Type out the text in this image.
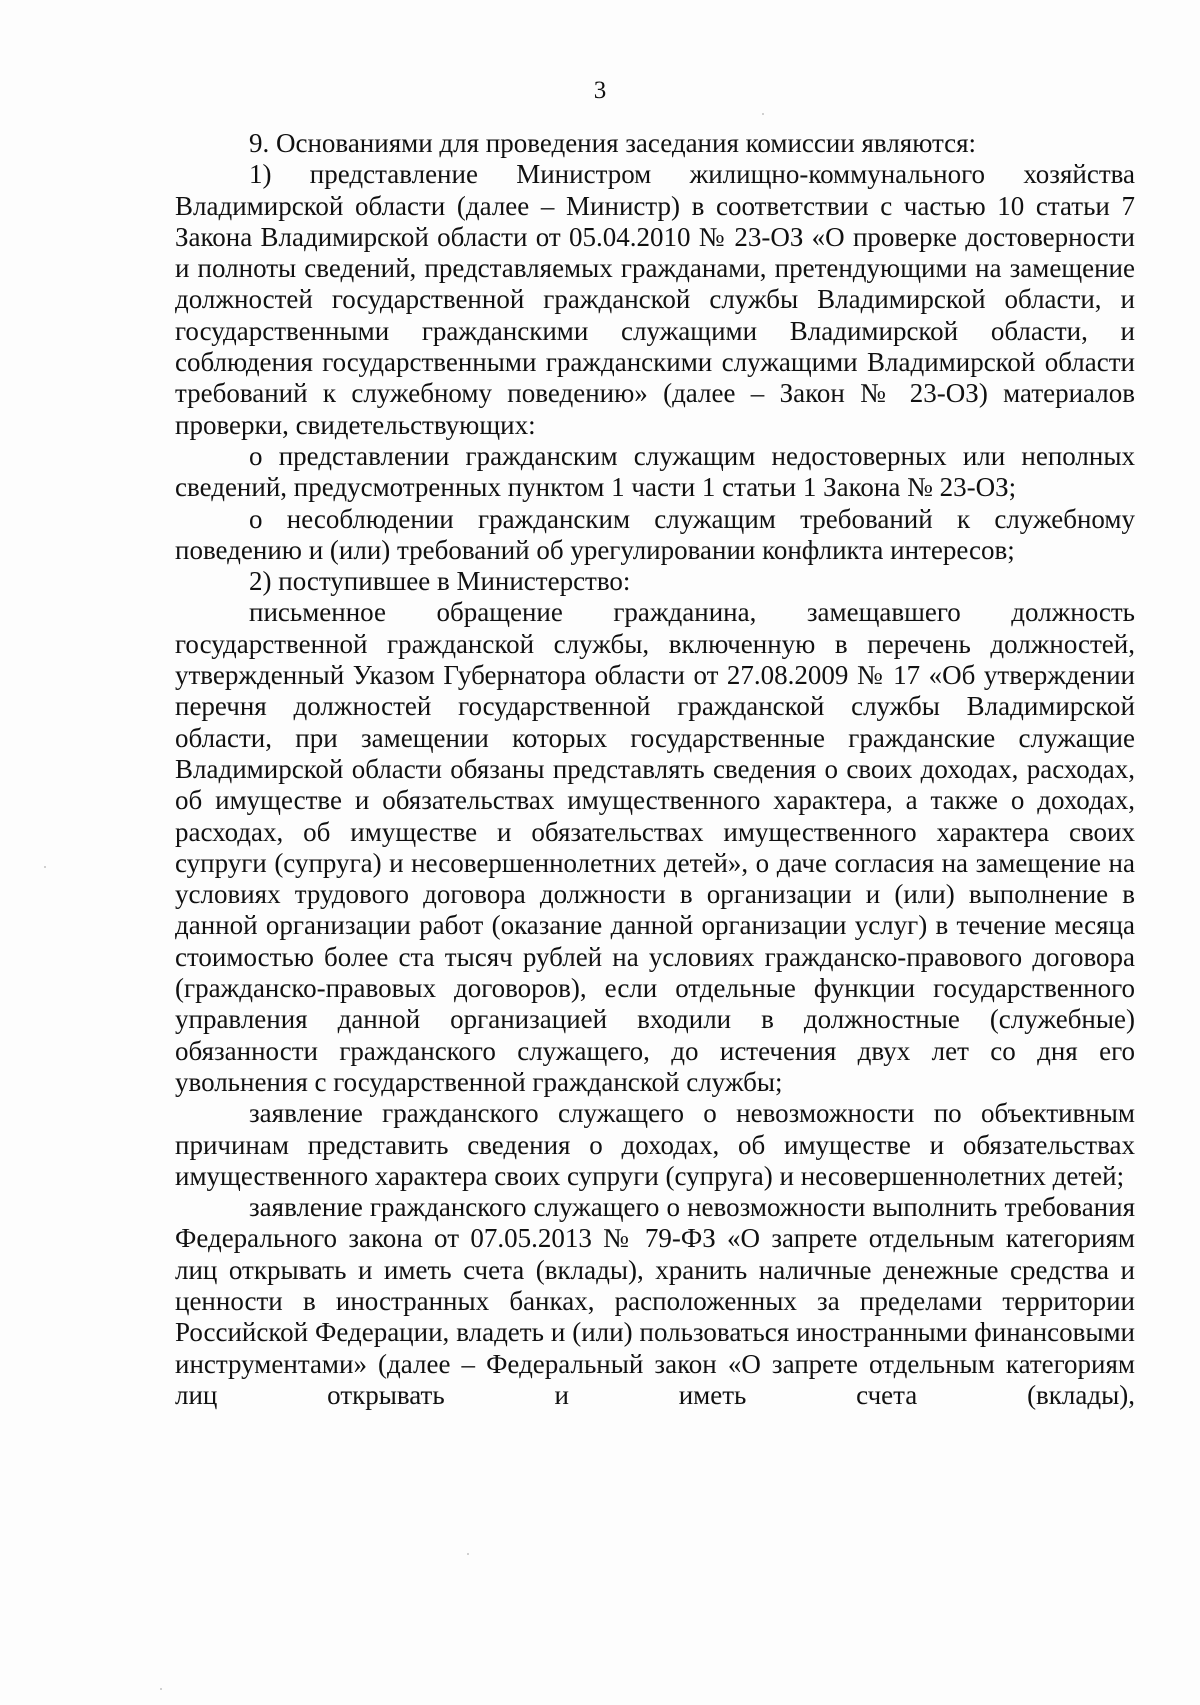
3

9. Основаниями для проведения заседания комиссии являются:

1) представление Министром жилищно-коммунального хозяйства Владимирской области (далее – Министр) в соответствии с частью 10 статьи 7 Закона Владимирской области от 05.04.2010 № 23-ОЗ «О проверке достоверности и полноты сведений, представляемых гражданами, претендующими на замещение должностей государственной гражданской службы Владимирской области, и государственными гражданскими служащими Владимирской области, и соблюдения государственными гражданскими служащими Владимирской области требований к служебному поведению» (далее – Закон № 23-ОЗ) материалов проверки, свидетельствующих:

о представлении гражданским служащим недостоверных или неполных сведений, предусмотренных пунктом 1 части 1 статьи 1 Закона № 23-ОЗ;

о несоблюдении гражданским служащим требований к служебному поведению и (или) требований об урегулировании конфликта интересов;

2) поступившее в Министерство:

письменное обращение гражданина, замещавшего должность государственной гражданской службы, включенную в перечень должностей, утвержденный Указом Губернатора области от 27.08.2009 № 17 «Об утверждении перечня должностей государственной гражданской службы Владимирской области, при замещении которых государственные гражданские служащие Владимирской области обязаны представлять сведения о своих доходах, расходах, об имуществе и обязательствах имущественного характера, а также о доходах, расходах, об имуществе и обязательствах имущественного характера своих супруги (супруга) и несовершеннолетних детей», о даче согласия на замещение на условиях трудового договора должности в организации и (или) выполнение в данной организации работ (оказание данной организации услуг) в течение месяца стоимостью более ста тысяч рублей на условиях гражданско-правового договора (гражданско-правовых договоров), если отдельные функции государственного управления данной организацией входили в должностные (служебные) обязанности гражданского служащего, до истечения двух лет со дня его увольнения с государственной гражданской службы;

заявление гражданского служащего о невозможности по объективным причинам представить сведения о доходах, об имуществе и обязательствах имущественного характера своих супруги (супруга) и несовершеннолетних детей;

заявление гражданского служащего о невозможности выполнить требования Федерального закона от 07.05.2013 № 79-ФЗ «О запрете отдельным категориям лиц открывать и иметь счета (вклады), хранить наличные денежные средства и ценности в иностранных банках, расположенных за пределами территории Российской Федерации, владеть и (или) пользоваться иностранными финансовыми инструментами» (далее – Федеральный закон «О запрете отдельным категориям лиц открывать и иметь счета (вклады),
